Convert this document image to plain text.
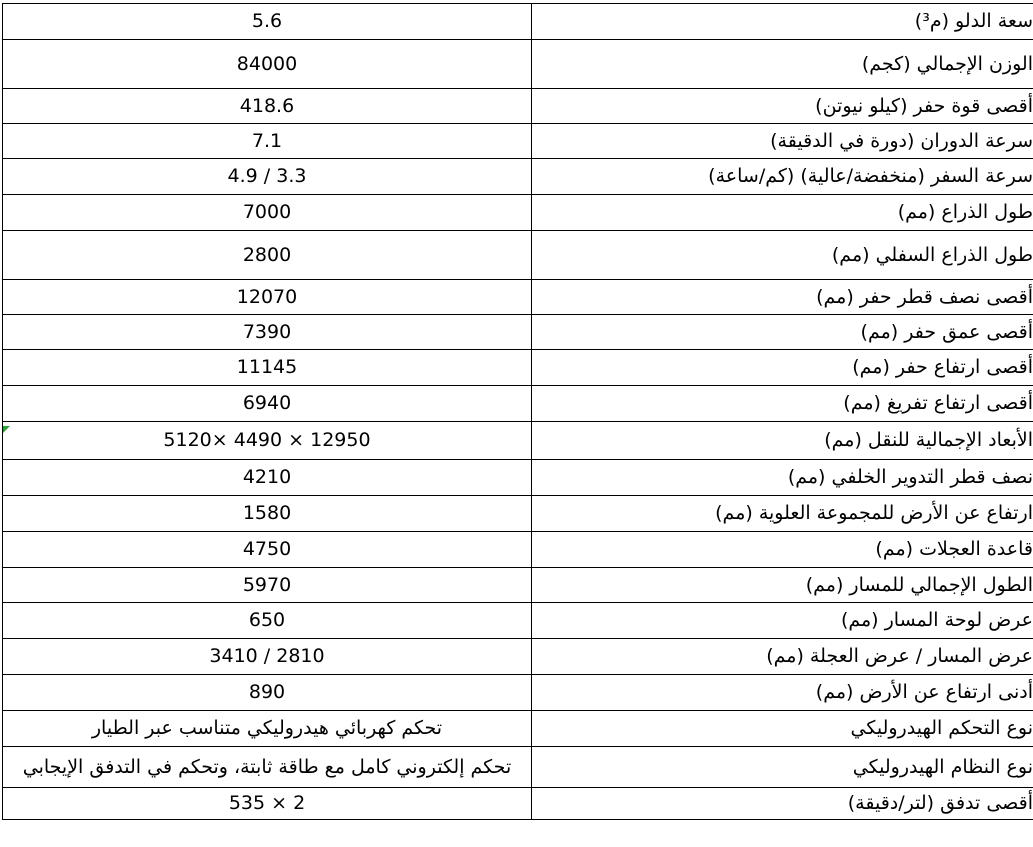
5.6	سعة الدلو (م³)
84000	الوزن الإجمالي (كجم)
418.6	أقصى قوة حفر (كيلو نيوتن)
7.1	سرعة الدوران (دورة في الدقيقة)
3.3 / 4.9	سرعة السفر (منخفضة/عالية) (كم/ساعة)
7000	طول الذراع (مم)
2800	طول الذراع السفلي (مم)
12070	أقصى نصف قطر حفر (مم)
7390	أقصى عمق حفر (مم)
11145	أقصى ارتفاع حفر (مم)
6940	أقصى ارتفاع تفريغ (مم)
12950 × 4490 ×5120	الأبعاد الإجمالية للنقل (مم)
4210	نصف قطر التدوير الخلفي (مم)
1580	ارتفاع عن الأرض للمجموعة العلوية (مم)
4750	قاعدة العجلات (مم)
5970	الطول الإجمالي للمسار (مم)
650	عرض لوحة المسار (مم)
2810 / 3410	عرض المسار / عرض العجلة (مم)
890	أدنى ارتفاع عن الأرض (مم)
تحكم كهربائي هيدروليكي متناسب عبر الطيار	نوع التحكم الهيدروليكي
تحكم إلكتروني كامل مع طاقة ثابتة، وتحكم في التدفق الإيجابي	نوع النظام الهيدروليكي
2 × 535	أقصى تدفق (لتر/دقيقة)
